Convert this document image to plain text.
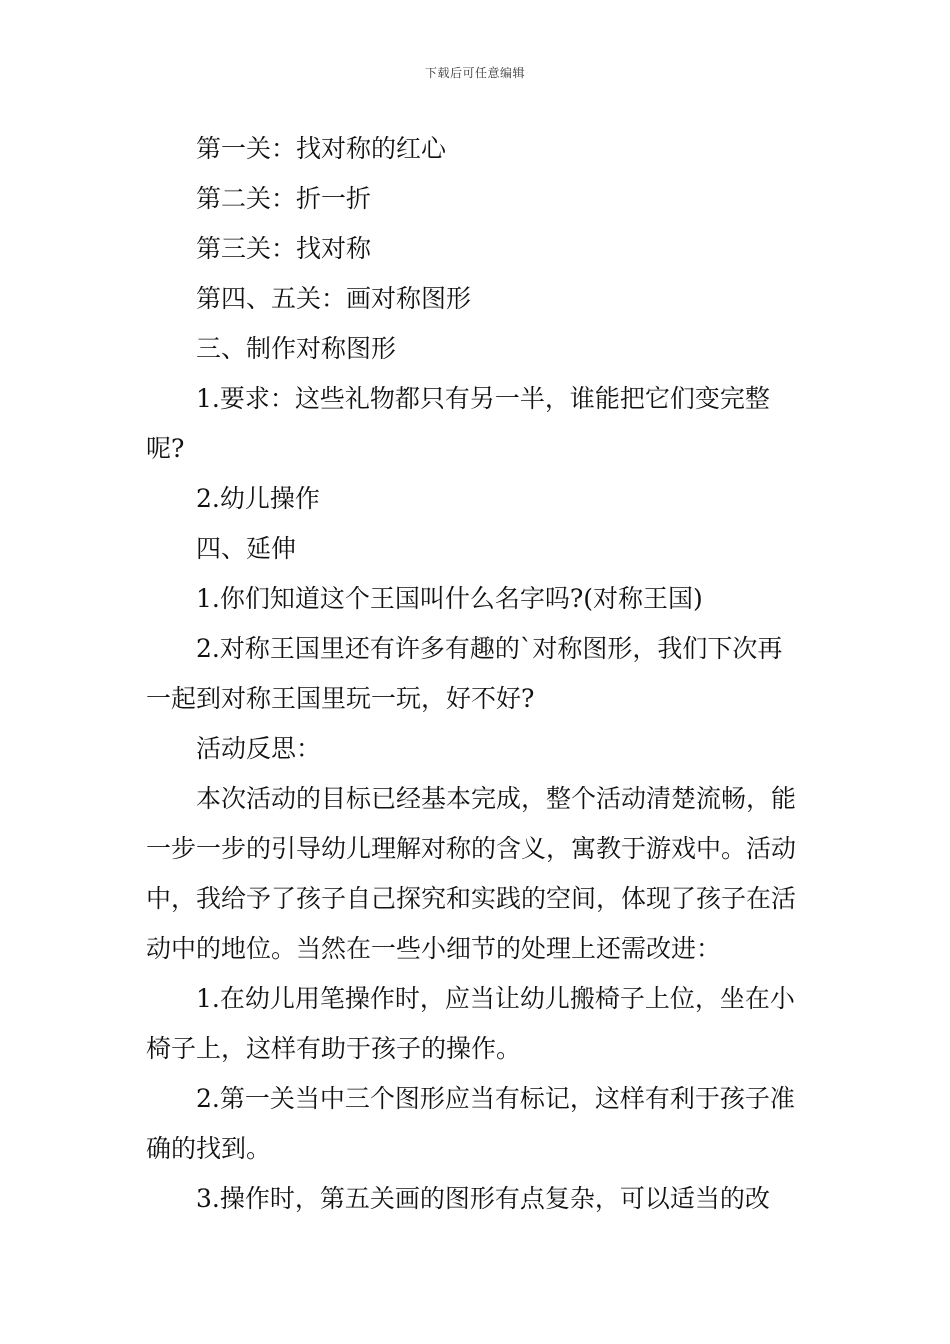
下载后可任意编辑

第一关：找对称的红心

第二关：折一折

第三关：找对称

第四、五关：画对称图形

三、制作对称图形

1.要求：这些礼物都只有另一半，谁能把它们变完整呢?

2.幼儿操作

四、延伸

1.你们知道这个王国叫什么名字吗?(对称王国)

2.对称王国里还有许多有趣的`对称图形，我们下次再一起到对称王国里玩一玩，好不好?

活动反思：

本次活动的目标已经基本完成，整个活动清楚流畅，能一步一步的引导幼儿理解对称的含义，寓教于游戏中。活动中，我给予了孩子自己探究和实践的空间，体现了孩子在活动中的地位。当然在一些小细节的处理上还需改进：

1.在幼儿用笔操作时，应当让幼儿搬椅子上位，坐在小椅子上，这样有助于孩子的操作。

2.第一关当中三个图形应当有标记，这样有利于孩子准确的找到。

3.操作时，第五关画的图形有点复杂，可以适当的改
